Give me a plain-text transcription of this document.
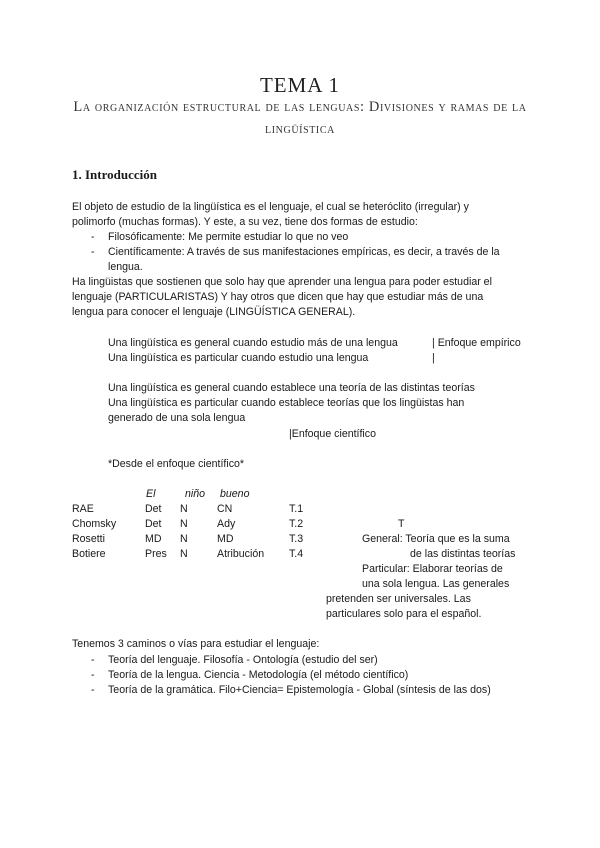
TEMA 1
La organización estructural de las lenguas: Divisiones y ramas de la lingüística
1. Introducción
El objeto de estudio de la lingüística es el lenguaje, el cual se heteróclito (irregular) y
polimorfo (muchas formas). Y este, a su vez, tiene dos formas de estudio:
- Filosóficamente: Me permite estudiar lo que no veo
- Científicamente: A través de sus manifestaciones empíricas, es decir, a través de la
lengua.
Ha lingüistas que sostienen que solo hay que aprender una lengua para poder estudiar el
lenguaje (PARTICULARISTAS) Y hay otros que dicen que hay que estudiar más de una
lengua para conocer el lenguaje (LINGÜÍSTICA GENERAL).
Una lingüística es general cuando estudio más de una lengua	| Enfoque empírico
Una lingüística es particular cuando estudio una lengua	|
Una lingüística es general cuando establece una teoría de las distintas teorías
Una lingüística es particular cuando establece teorías que los lingüistas han
generado de una sola lengua
|Enfoque científico
*Desde el enfoque científico*
El	niño bueno
RAE	Det N	CN	T.1
Chomsky	Det N	Ady	T.2	T
Rosetti	MD N	MD	T.3	General: Teoría que es la suma
Botiere	Pres N	Atribución T.4	de las distintas teorías
Particular: Elaborar teorías de
una sola lengua. Las generales
pretenden ser universales. Las
particulares solo para el español.
Tenemos 3 caminos o vías para estudiar el lenguaje:
- Teoría del lenguaje. Filosofía - Ontología (estudio del ser)
- Teoría de la lengua. Ciencia - Metodología (el método científico)
- Teoría de la gramática. Filo+Ciencia= Epistemología - Global (síntesis de las dos)
